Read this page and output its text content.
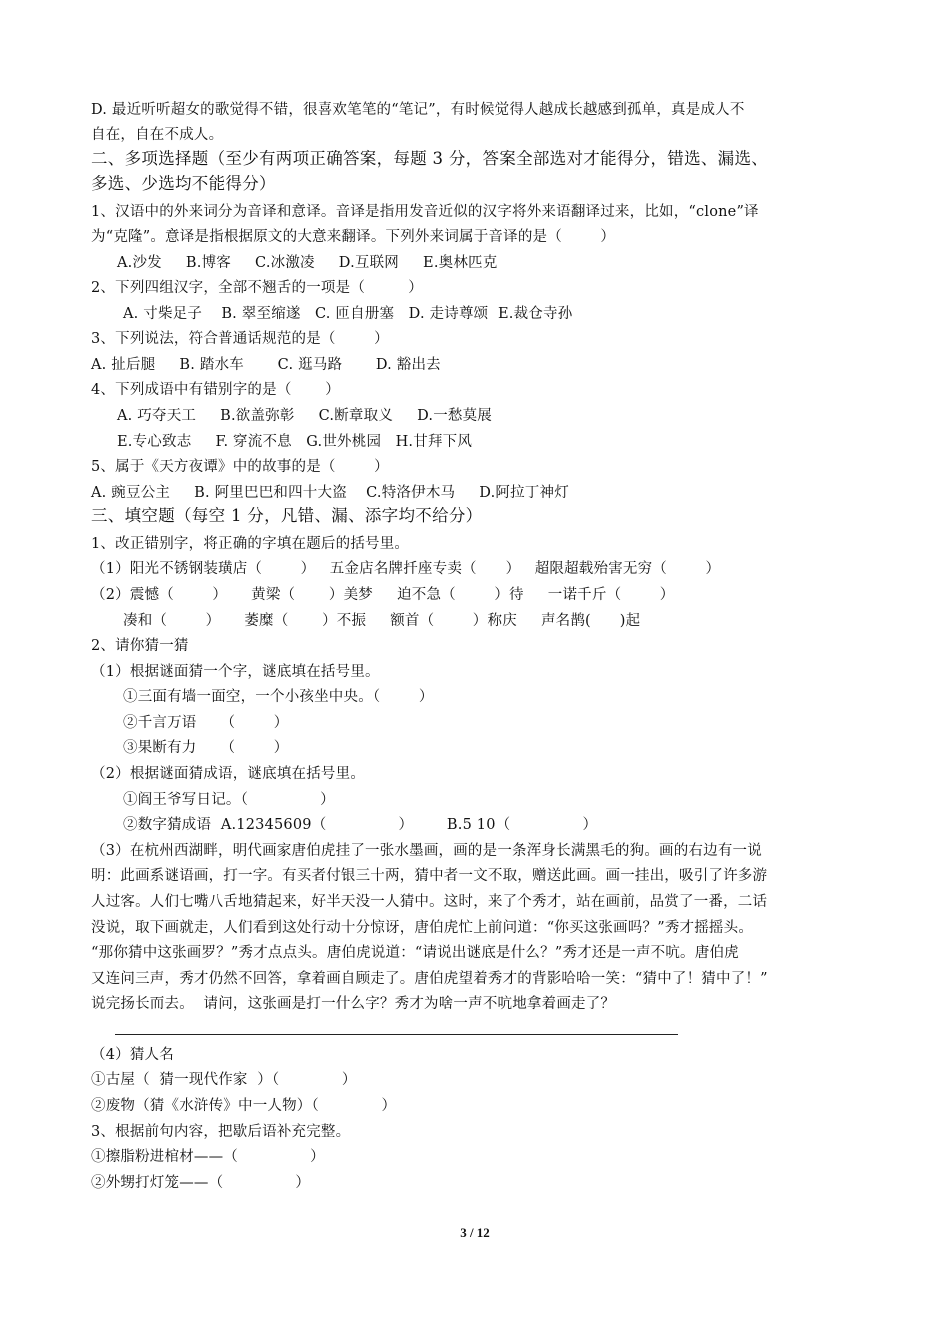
D. 最近听听超女的歌觉得不错，很喜欢笔笔的“笔记”，有时候觉得人越成长越感到孤单，真是成人不
自在，自在不成人。
二、多项选择题（至少有两项正确答案，每题 3 分，答案全部选对才能得分，错选、漏选、
多选、少选均不能得分）
1、汉语中的外来词分为音译和意译。音译是指用发音近似的汉字将外来语翻译过来，比如，“clone”译
为“克隆”。意译是指根据原文的大意来翻译。下列外来词属于音译的是（        ）
A.沙发     B.博客     C.冰激凌     D.互联网     E.奥林匹克
2、下列四组汉字，全部不翘舌的一项是（         ）
A. 寸柴足子    B. 翠至缩遂   C. 匝自册塞   D. 走诗尊颂  E.裁仓寺孙
3、下列说法，符合普通话规范的是（        ）
A. 扯后腿     B. 踏水车       C. 逛马路       D. 豁出去
4、下列成语中有错别字的是（       ）
A. 巧夺天工     B.欲盖弥彰     C.断章取义     D.一愁莫展
E.专心致志     F. 穿流不息   G.世外桃园   H.甘拜下风
5、属于《天方夜谭》中的故事的是（        ）
A. 豌豆公主     B. 阿里巴巴和四十大盗    C.特洛伊木马     D.阿拉丁神灯
三、填空题（每空 1 分，凡错、漏、添字均不给分）
1、改正错别字，将正确的字填在题后的括号里。
（1）阳光不锈钢装璜店（        ）   五金店名牌扦座专卖（      ）   超限超载殆害无穷（        ）
（2）震憾（        ）     黄梁（       ）美梦     迫不急（        ）待     一诺千斤（        ）
凑和（        ）     萎糜（       ）不振     额首（        ）称庆     声名鹊(      )起
2、请你猜一猜
（1）根据谜面猜一个字，谜底填在括号里。
①三面有墙一面空，一个小孩坐中央。（        ）
②千言万语     （        ）
③果断有力     （        ）
（2）根据谜面猜成语，谜底填在括号里。
①阎王爷写日记。（               ）
②数字猜成语  A.12345609（               ）       B.5 10（               ）
（3）在杭州西湖畔，明代画家唐伯虎挂了一张水墨画，画的是一条浑身长满黑毛的狗。画的右边有一说
明：此画系谜语画，打一字。有买者付银三十两，猜中者一文不取，赠送此画。画一挂出，吸引了许多游
人过客。人们七嘴八舌地猜起来，好半天没一人猜中。这时，来了个秀才，站在画前，品赏了一番，二话
没说，取下画就走，人们看到这处行动十分惊讶，唐伯虎忙上前问道：“你买这张画吗？”秀才摇摇头。
“那你猜中这张画罗？”秀才点点头。唐伯虎说道：“请说出谜底是什么？”秀才还是一声不吭。唐伯虎
又连问三声，秀才仍然不回答，拿着画自顾走了。唐伯虎望着秀才的背影哈哈一笑：“猜中了！猜中了！”
说完扬长而去。  请问，这张画是打一什么字？秀才为啥一声不吭地拿着画走了？
（4）猜人名
①古屋（  猜一现代作家  ）（             ）
②废物（猜《水浒传》中一人物）（             ）
3、根据前句内容，把歇后语补充完整。
①擦脂粉进棺材——（               ）
②外甥打灯笼——（               ）
3 / 12
